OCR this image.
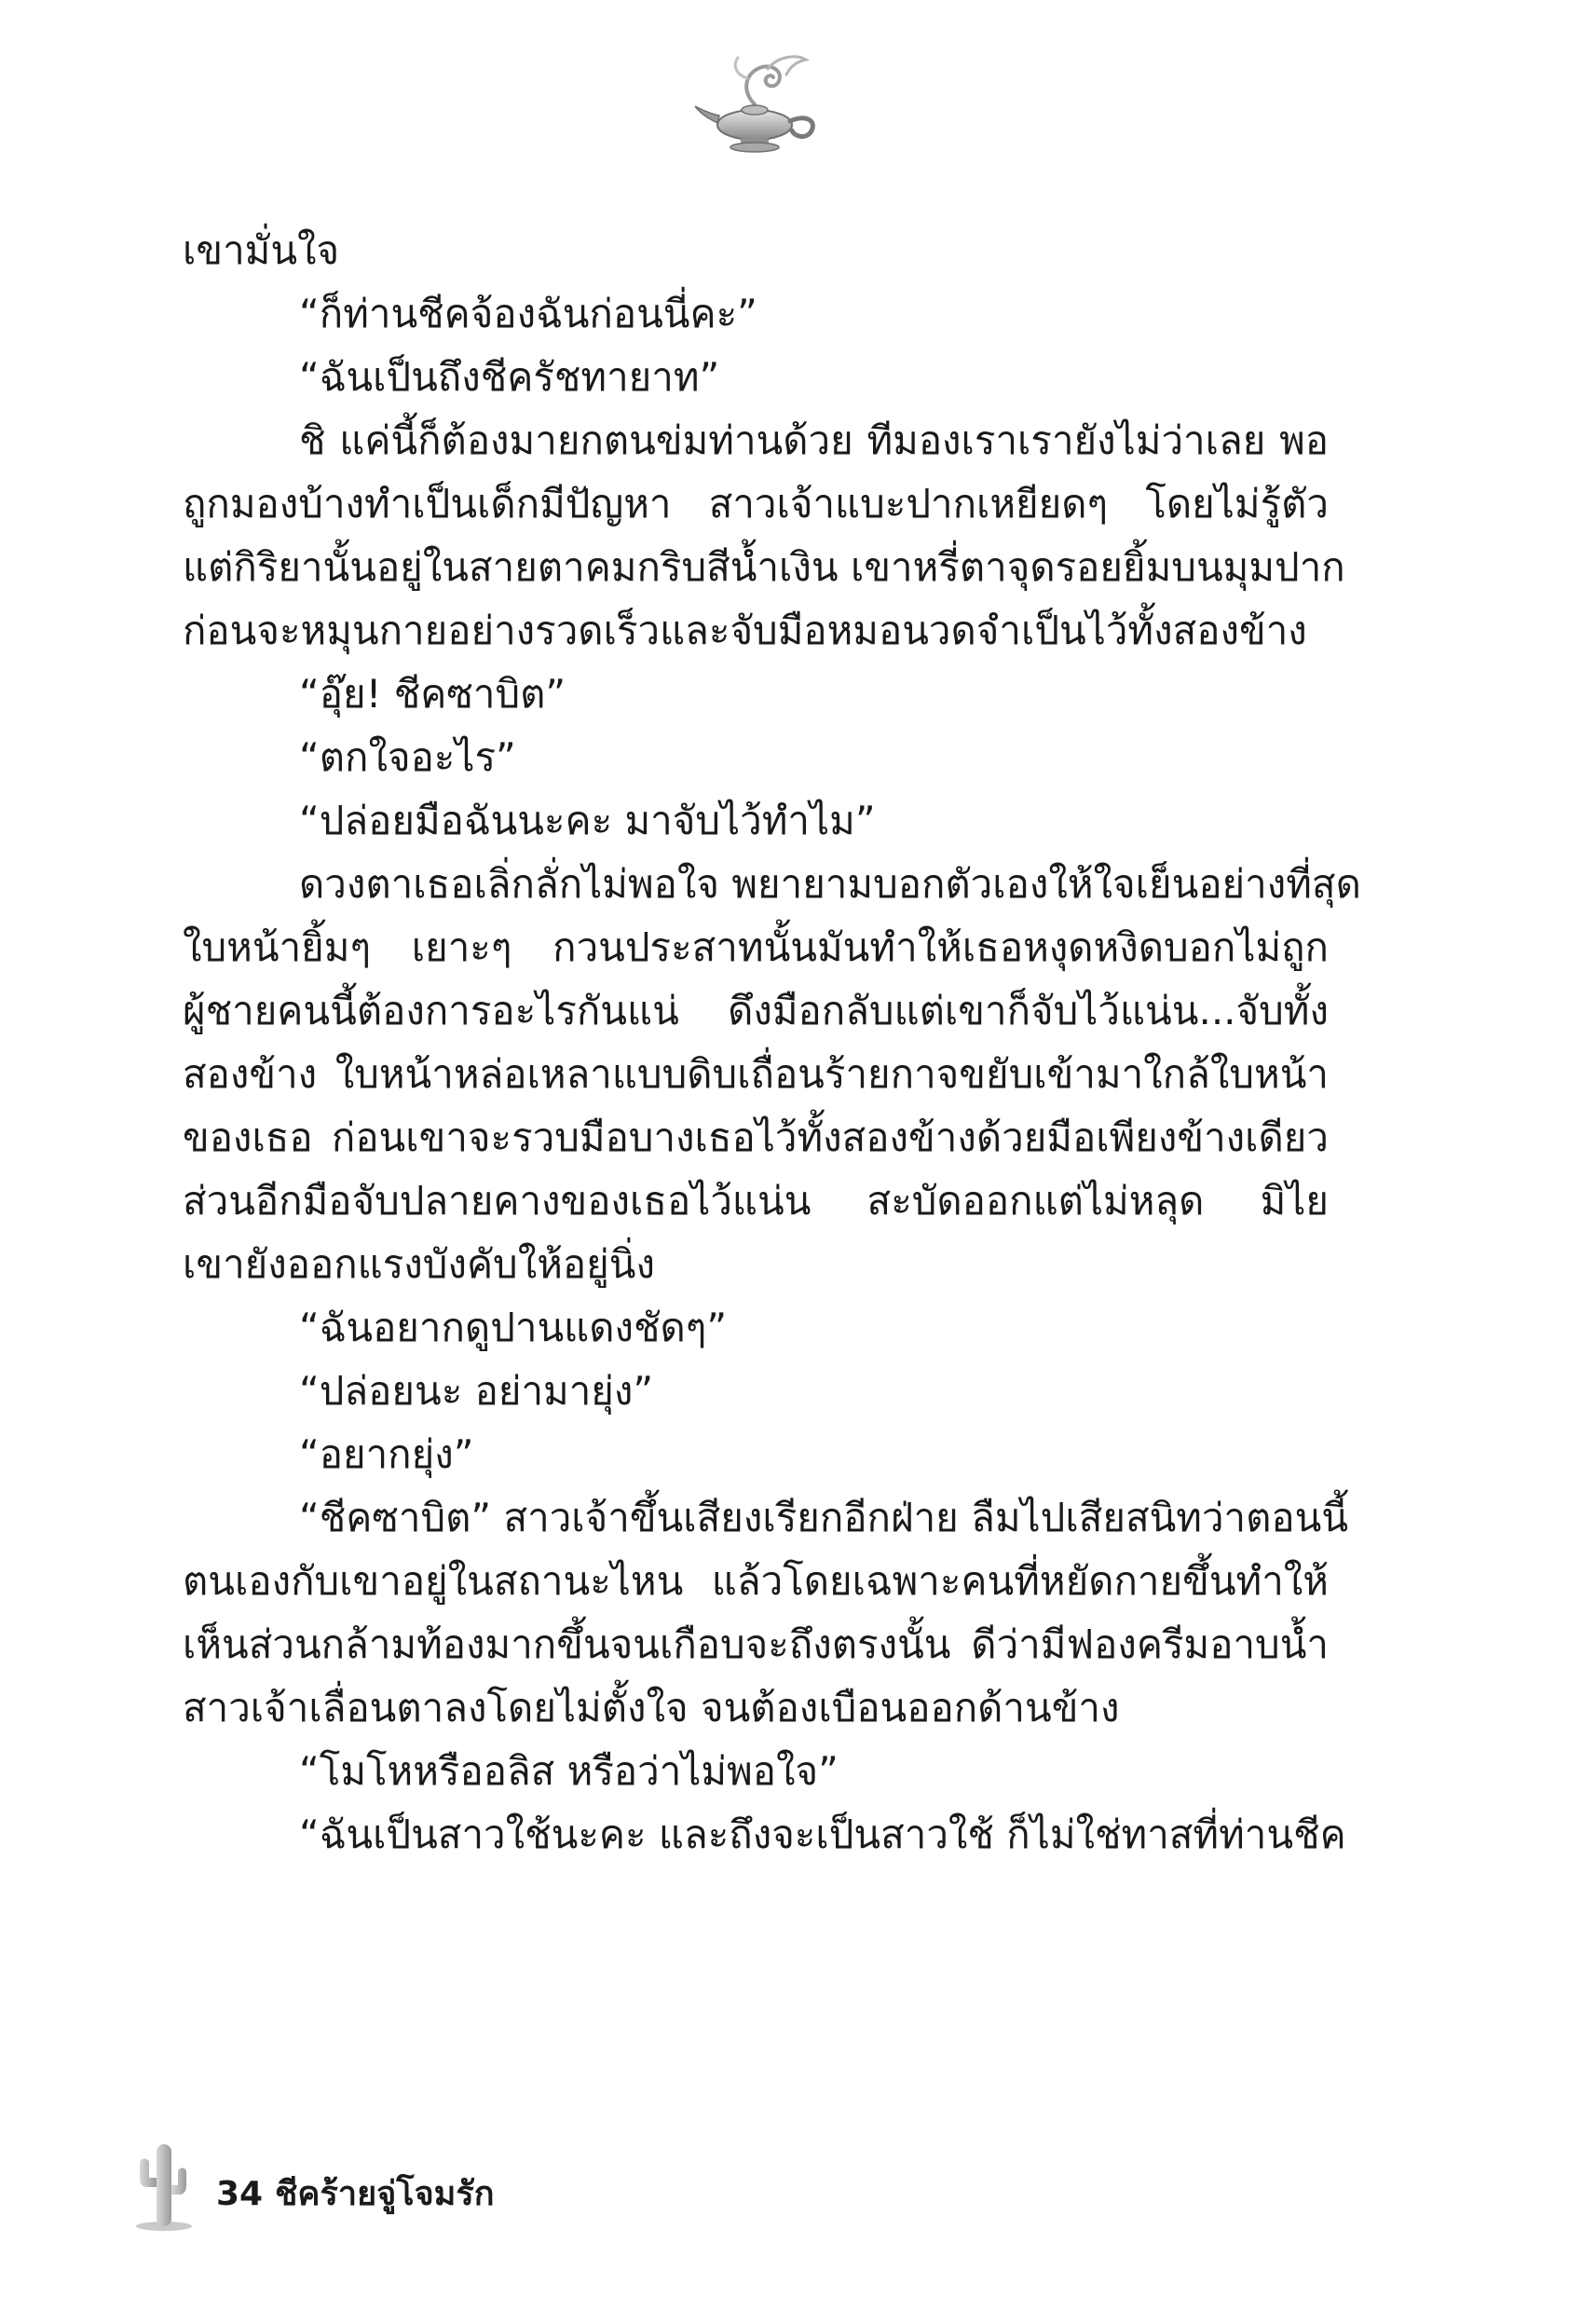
เขามั่นใจ
“ก็ท่านชีคจ้องฉันก่อนนี่คะ”
“ฉันเป็นถึงชีครัชทายาท”
ชิ แค่นี้ก็ต้องมายกตนข่มท่านด้วย ทีมองเราเรายังไม่ว่าเลย พอ
ถูกมองบ้างทำเป็นเด็กมีปัญหา สาวเจ้าแบะปากเหยียดๆ โดยไม่รู้ตัว
แต่กิริยานั้นอยู่ในสายตาคมกริบสีน้ำเงิน เขาหรี่ตาจุดรอยยิ้มบนมุมปาก
ก่อนจะหมุนกายอย่างรวดเร็วและจับมือหมอนวดจำเป็นไว้ทั้งสองข้าง
“อุ๊ย! ชีคซาบิต”
“ตกใจอะไร”
“ปล่อยมือฉันนะคะ มาจับไว้ทำไม”
ดวงตาเธอเลิ่กลั่กไม่พอใจ พยายามบอกตัวเองให้ใจเย็นอย่างที่สุด
ใบหน้ายิ้มๆ เยาะๆ กวนประสาทนั้นมันทำให้เธอหงุดหงิดบอกไม่ถูก
ผู้ชายคนนี้ต้องการอะไรกันแน่ ดึงมือกลับแต่เขาก็จับไว้แน่น...จับทั้ง
สองข้าง ใบหน้าหล่อเหลาแบบดิบเถื่อนร้ายกาจขยับเข้ามาใกล้ใบหน้า
ของเธอ ก่อนเขาจะรวบมือบางเธอไว้ทั้งสองข้างด้วยมือเพียงข้างเดียว
ส่วนอีกมือจับปลายคางของเธอไว้แน่น สะบัดออกแต่ไม่หลุด มิไย
เขายังออกแรงบังคับให้อยู่นิ่ง
“ฉันอยากดูปานแดงชัดๆ”
“ปล่อยนะ อย่ามายุ่ง”
“อยากยุ่ง”
“ชีคซาบิต” สาวเจ้าขึ้นเสียงเรียกอีกฝ่าย ลืมไปเสียสนิทว่าตอนนี้
ตนเองกับเขาอยู่ในสถานะไหน แล้วโดยเฉพาะคนที่หยัดกายขึ้นทำให้
เห็นส่วนกล้ามท้องมากขึ้นจนเกือบจะถึงตรงนั้น ดีว่ามีฟองครีมอาบน้ำ
สาวเจ้าเลื่อนตาลงโดยไม่ตั้งใจ จนต้องเบือนออกด้านข้าง
“โมโหหรืออลิส หรือว่าไม่พอใจ”
“ฉันเป็นสาวใช้นะคะ และถึงจะเป็นสาวใช้ ก็ไม่ใช่ทาสที่ท่านชีค
34 ชีคร้ายจู่โจมรัก
